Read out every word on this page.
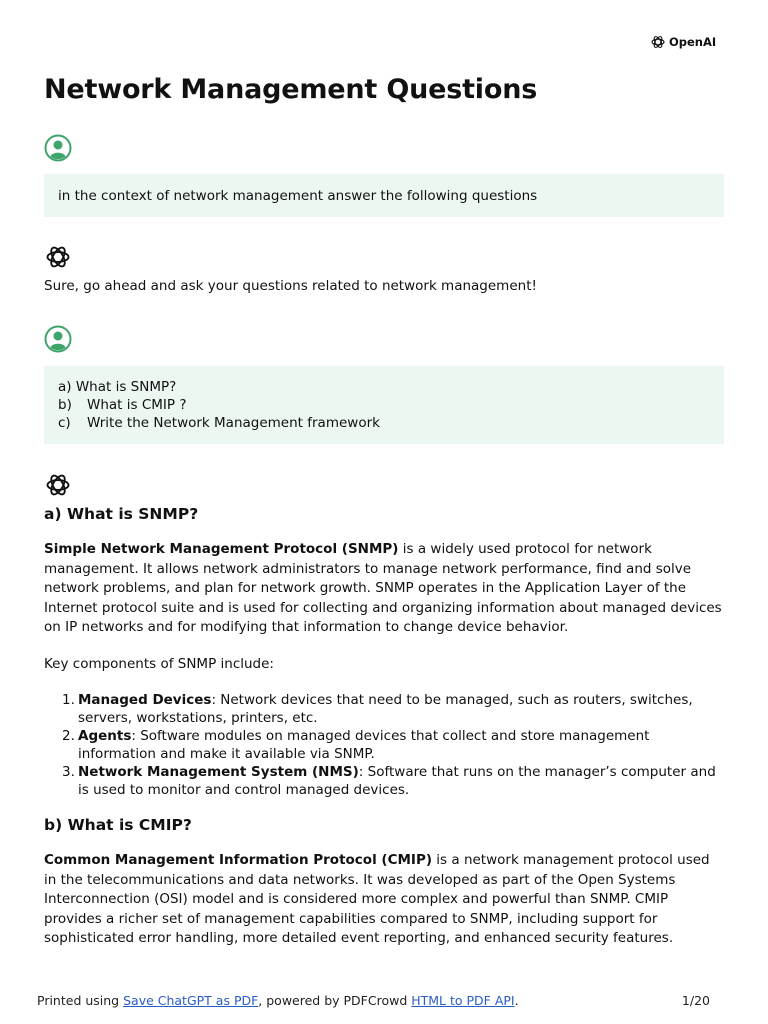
OpenAI
Network Management Questions
in the context of network management answer the following questions
Sure, go ahead and ask your questions related to network management!
a) What is SNMP?
b)	What is CMIP ?
c)	Write the Network Management framework
a) What is SNMP?

Simple Network Management Protocol (SNMP) is a widely used protocol for network management. It allows network administrators to manage network performance, find and solve network problems, and plan for network growth. SNMP operates in the Application Layer of the Internet protocol suite and is used for collecting and organizing information about managed devices on IP networks and for modifying that information to change device behavior.

Key components of SNMP include:

1. Managed Devices: Network devices that need to be managed, such as routers, switches, servers, workstations, printers, etc.
2. Agents: Software modules on managed devices that collect and store management information and make it available via SNMP.
3. Network Management System (NMS): Software that runs on the manager’s computer and is used to monitor and control managed devices.
b) What is CMIP?

Common Management Information Protocol (CMIP) is a network management protocol used in the telecommunications and data networks. It was developed as part of the Open Systems Interconnection (OSI) model and is considered more complex and powerful than SNMP. CMIP provides a richer set of management capabilities compared to SNMP, including support for sophisticated error handling, more detailed event reporting, and enhanced security features.

Printed using Save ChatGPT as PDF, powered by PDFCrowd HTML to PDF API.	1/20
